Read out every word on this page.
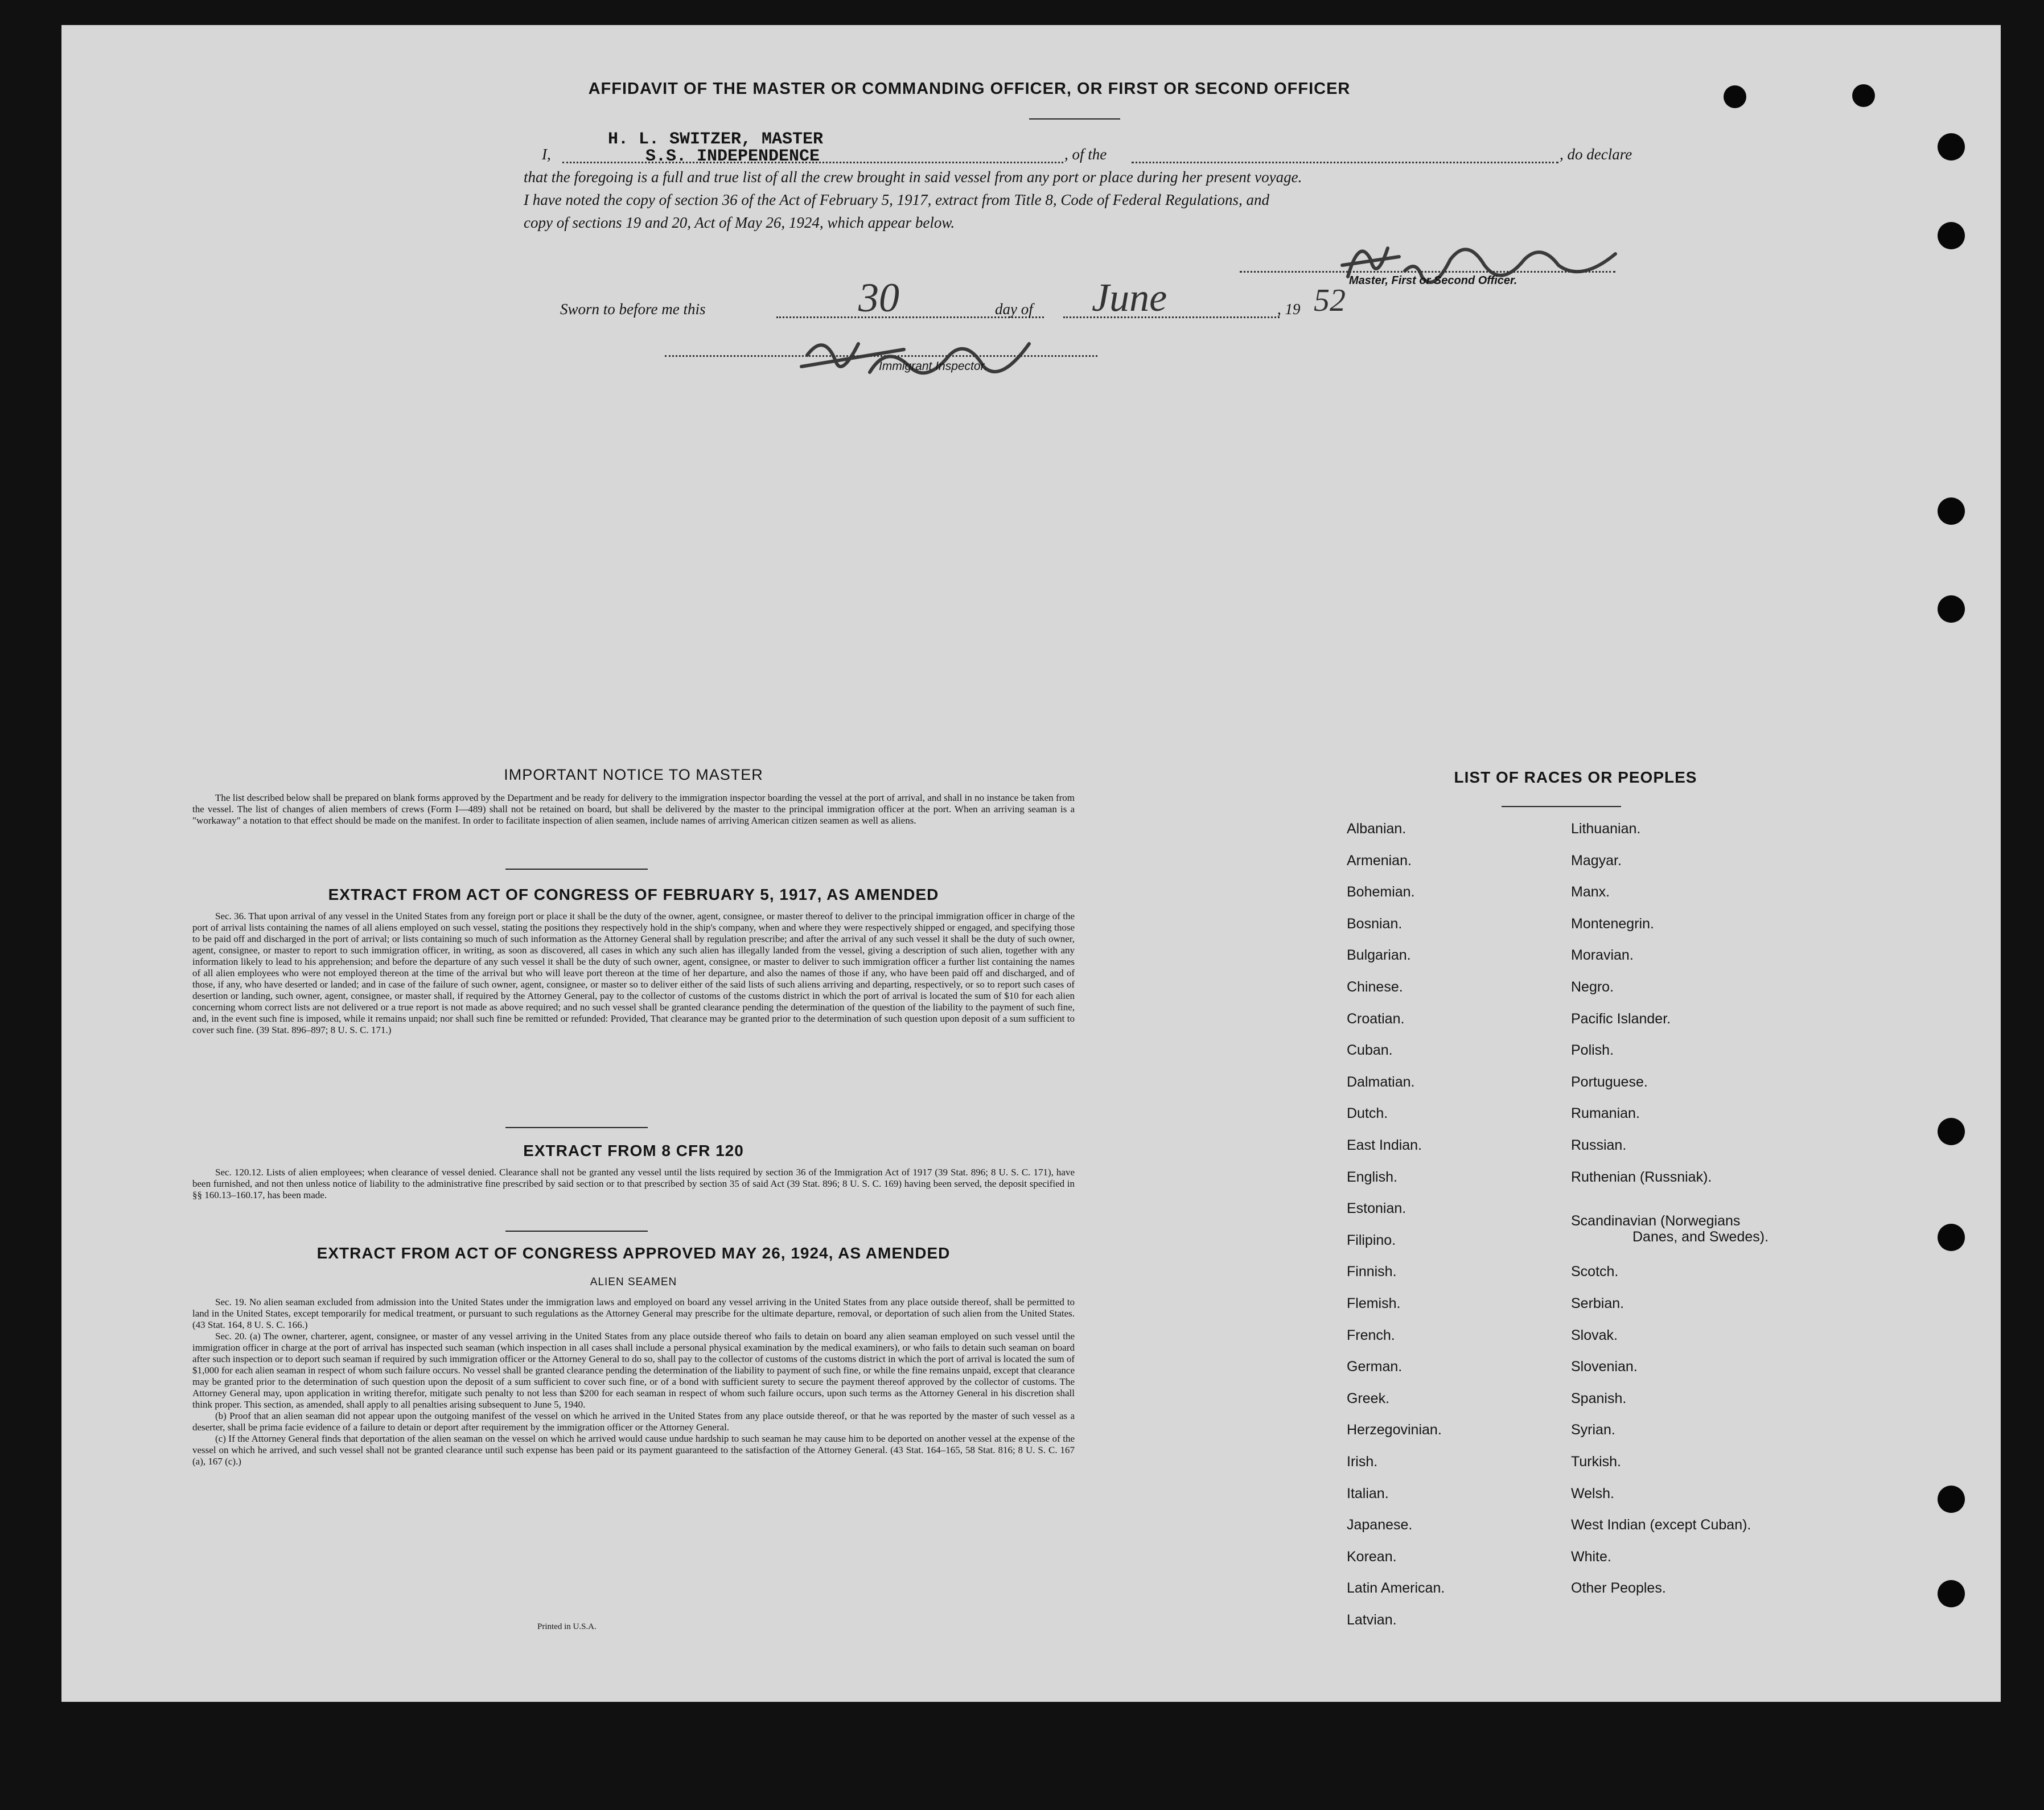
AFFIDAVIT OF THE MASTER OR COMMANDING OFFICER, OR FIRST OR SECOND OFFICER
H. L. SWITZER, MASTER
I,	S.S. INDEPENDENCE	, of the	, do declare
that the foregoing is a full and true list of all the crew brought in said vessel from any port or place during her present voyage.
I have noted the copy of section 36 of the Act of February 5, 1917, extract from Title 8, Code of Federal Regulations, and
copy of sections 19 and 20, Act of May 26, 1924, which appear below.
Master, First or Second Officer.
Sworn to before me this	30	day of June	, 19 52
Immigrant Inspector.
IMPORTANT NOTICE TO MASTER

The list described below shall be prepared on blank forms approved by the Department and be ready for delivery to the immigration inspector boarding the vessel at the port of arrival, and shall in no instance be taken from the vessel. The list of changes of alien members of crews (Form I—489) shall not be retained on board, but shall be delivered by the master to the principal immigration officer at the port. When an arriving seaman is a "workaway" a notation to that effect should be made on the manifest. In order to facilitate inspection of alien seamen, include names of arriving American citizen seamen as well as aliens.

EXTRACT FROM ACT OF CONGRESS OF FEBRUARY 5, 1917, AS AMENDED

Sec. 36. That upon arrival of any vessel in the United States from any foreign port or place it shall be the duty of the owner, agent, consignee, or master thereof to deliver to the principal immigration officer in charge of the port of arrival lists containing the names of all aliens employed on such vessel, stating the positions they respectively hold in the ship's company, when and where they were respectively shipped or engaged, and specifying those to be paid off and discharged in the port of arrival; or lists containing so much of such information as the Attorney General shall by regulation prescribe; and after the arrival of any such vessel it shall be the duty of such owner, agent, consignee, or master to report to such immigration officer, in writing, as soon as discovered, all cases in which any such alien has illegally landed from the vessel, giving a description of such alien, together with any information likely to lead to his apprehension; and before the departure of any such vessel it shall be the duty of such owner, agent, consignee, or master to deliver to such immigration officer a further list containing the names of all alien employees who were not employed thereon at the time of the arrival but who will leave port thereon at the time of her departure, and also the names of those if any, who have been paid off and discharged, and of those, if any, who have deserted or landed; and in case of the failure of such owner, agent, consignee, or master so to deliver either of the said lists of such aliens arriving and departing, respectively, or so to report such cases of desertion or landing, such owner, agent, consignee, or master shall, if required by the Attorney General, pay to the collector of customs of the customs district in which the port of arrival is located the sum of $10 for each alien concerning whom correct lists are not delivered or a true report is not made as above required; and no such vessel shall be granted clearance pending the determination of the question of the liability to the payment of such fine, and, in the event such fine is imposed, while it remains unpaid; nor shall such fine be remitted or refunded: Provided, That clearance may be granted prior to the determination of such question upon deposit of a sum sufficient to cover such fine. (39 Stat. 896–897; 8 U. S. C. 171.)

EXTRACT FROM 8 CFR 120

Sec. 120.12. Lists of alien employees; when clearance of vessel denied. Clearance shall not be granted any vessel until the lists required by section 36 of the Immigration Act of 1917 (39 Stat. 896; 8 U. S. C. 171), have been furnished, and not then unless notice of liability to the administrative fine prescribed by said section or to that prescribed by section 35 of said Act (39 Stat. 896; 8 U. S. C. 169) having been served, the deposit specified in §§ 160.13–160.17, has been made.

EXTRACT FROM ACT OF CONGRESS APPROVED MAY 26, 1924, AS AMENDED
ALIEN SEAMEN

Sec. 19. No alien seaman excluded from admission into the United States under the immigration laws and employed on board any vessel arriving in the United States from any place outside thereof, shall be permitted to land in the United States, except temporarily for medical treatment, or pursuant to such regulations as the Attorney General may prescribe for the ultimate departure, removal, or deportation of such alien from the United States. (43 Stat. 164, 8 U. S. C. 166.)

Sec. 20. (a) The owner, charterer, agent, consignee, or master of any vessel arriving in the United States from any place outside thereof who fails to detain on board any alien seaman employed on such vessel until the immigration officer in charge at the port of arrival has inspected such seaman (which inspection in all cases shall include a personal physical examination by the medical examiners), or who fails to detain such seaman on board after such inspection or to deport such seaman if required by such immigration officer or the Attorney General to do so, shall pay to the collector of customs of the customs district in which the port of arrival is located the sum of $1,000 for each alien seaman in respect of whom such failure occurs. No vessel shall be granted clearance pending the determination of the liability to payment of such fine, or while the fine remains unpaid, except that clearance may be granted prior to the determination of such question upon the deposit of a sum sufficient to cover such fine, or of a bond with sufficient surety to secure the payment thereof approved by the collector of customs. The Attorney General may, upon application in writing therefor, mitigate such penalty to not less than $200 for each seaman in respect of whom such failure occurs, upon such terms as the Attorney General in his discretion shall think proper. This section, as amended, shall apply to all penalties arising subsequent to June 5, 1940.

(b) Proof that an alien seaman did not appear upon the outgoing manifest of the vessel on which he arrived in the United States from any place outside thereof, or that he was reported by the master of such vessel as a deserter, shall be prima facie evidence of a failure to detain or deport after requirement by the immigration officer or the Attorney General.

(c) If the Attorney General finds that deportation of the alien seaman on the vessel on which he arrived would cause undue hardship to such seaman he may cause him to be deported on another vessel at the expense of the vessel on which he arrived, and such vessel shall not be granted clearance until such expense has been paid or its payment guaranteed to the satisfaction of the Attorney General. (43 Stat. 164–165, 58 Stat. 816; 8 U. S. C. 167 (a), 167 (c).)

Printed in U.S.A.
LIST OF RACES OR PEOPLES
Albanian.
Armenian.
Bohemian.
Bosnian.
Bulgarian.
Chinese.
Croatian.
Cuban.
Dalmatian.
Dutch.
East Indian.
English.
Estonian.
Filipino.
Finnish.
Flemish.
French.
German.
Greek.
Herzegovinian.
Irish.
Italian.
Japanese.
Korean.
Latin American.
Latvian.
Lithuanian.
Magyar.
Manx.
Montenegrin.
Moravian.
Negro.
Pacific Islander.
Polish.
Portuguese.
Rumanian.
Russian.
Ruthenian (Russniak).
Scandinavian (Norwegians
Danes, and Swedes).
Scotch.
Serbian.
Slovak.
Slovenian.
Spanish.
Syrian.
Turkish.
Welsh.
West Indian (except Cuban).
White.
Other Peoples.
